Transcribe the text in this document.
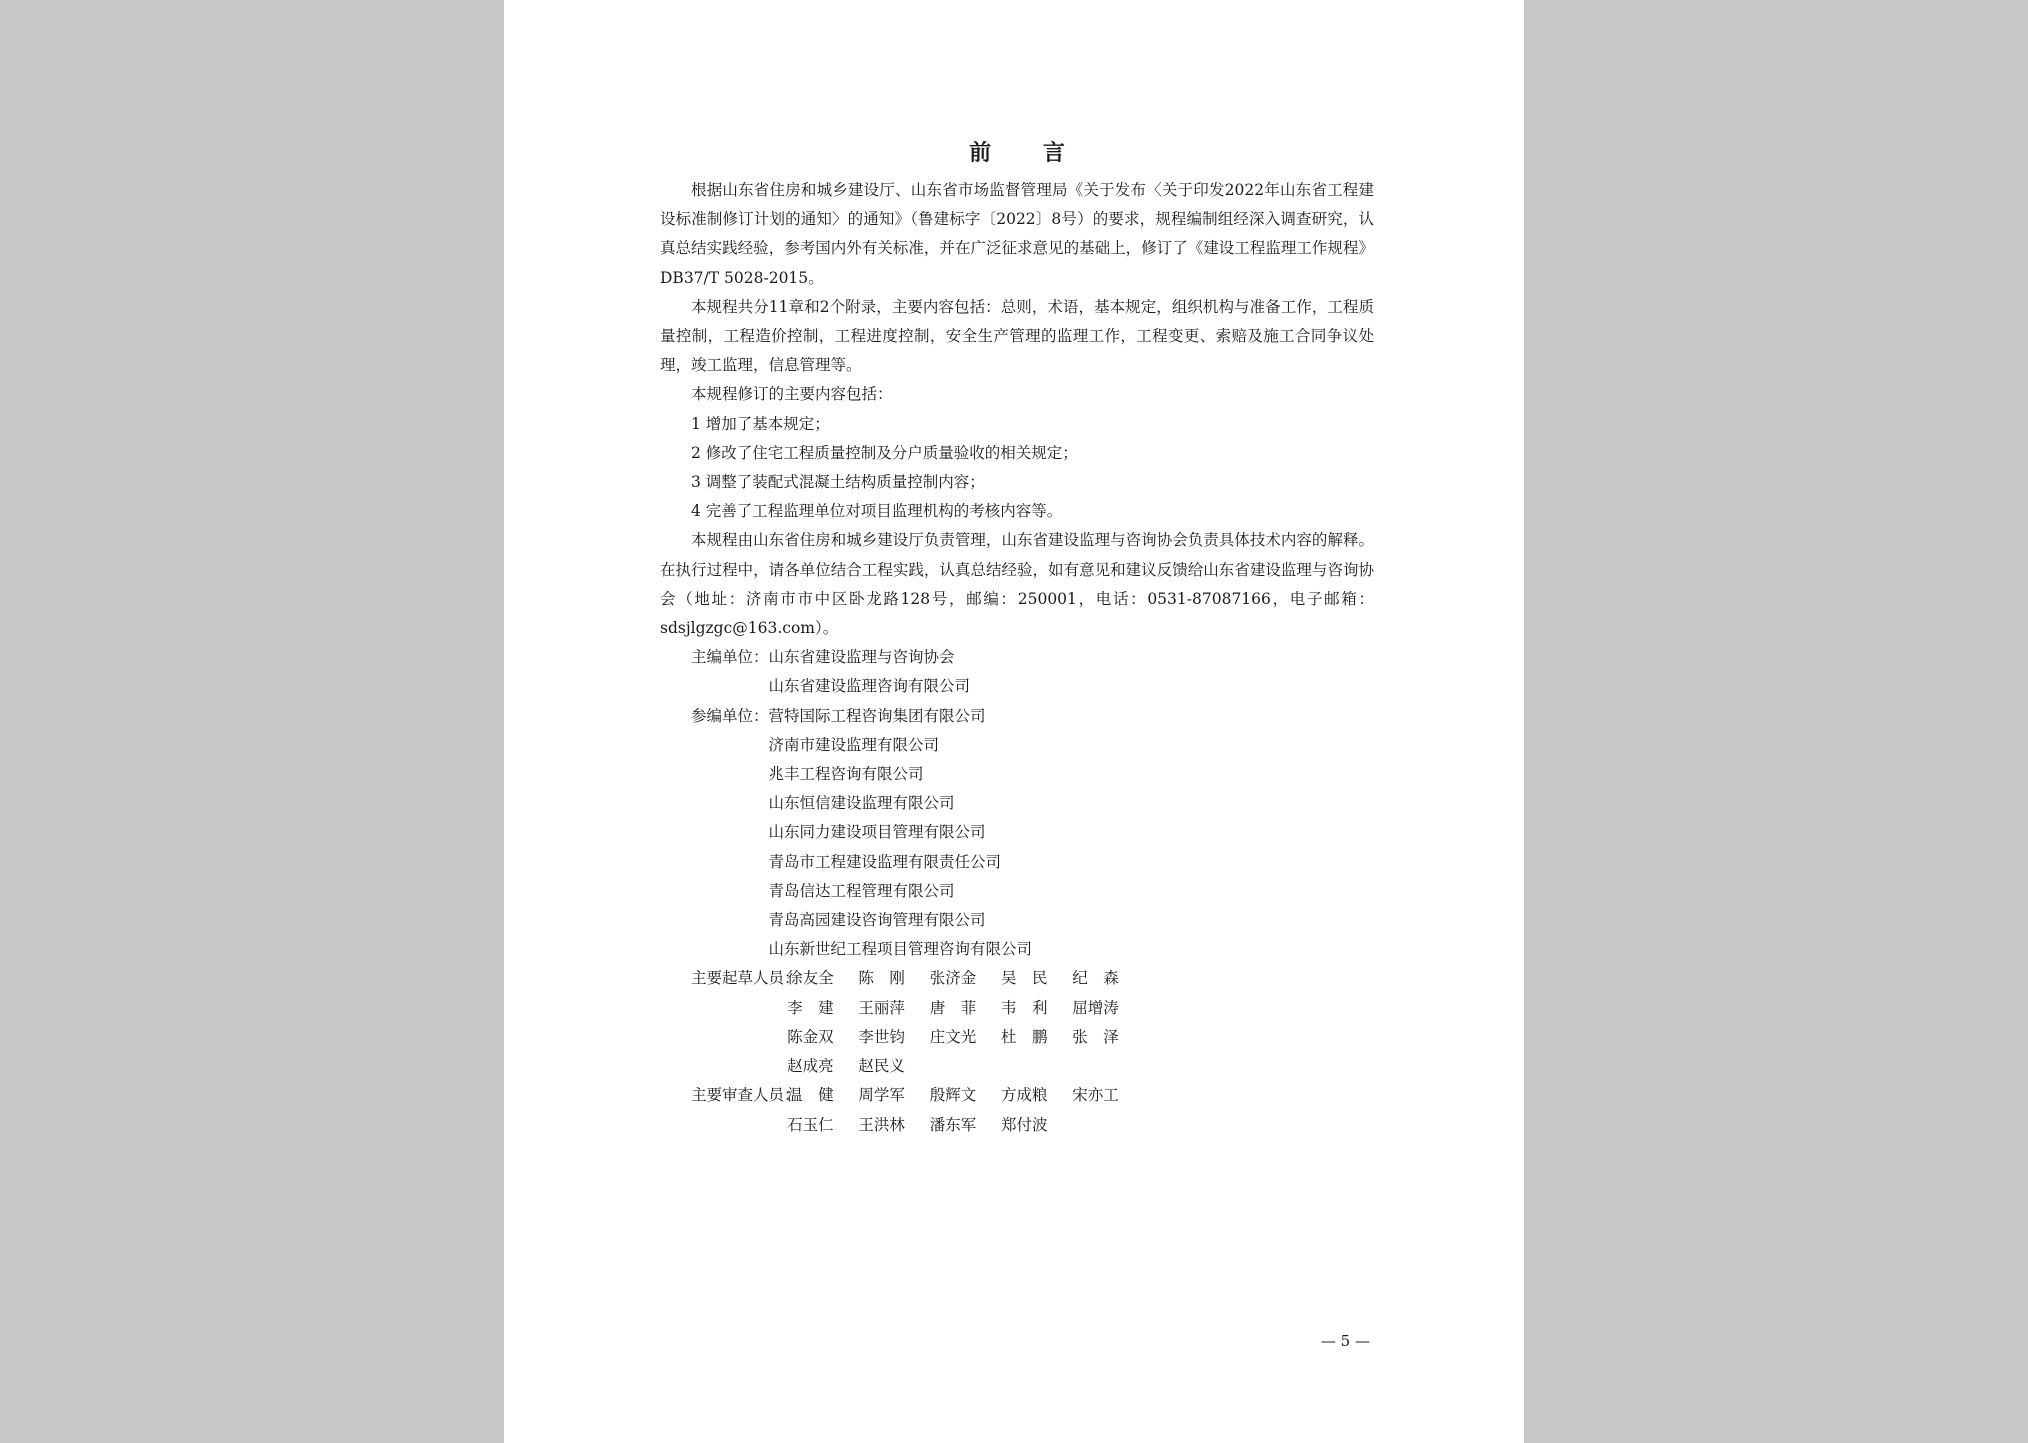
前 言

根据山东省住房和城乡建设厅、山东省市场监督管理局《关于发布〈关于印发2022年山东省工程建设标准制修订计划的通知〉的通知》（鲁建标字〔2022〕8号）的要求，规程编制组经深入调查研究，认真总结实践经验，参考国内外有关标准，并在广泛征求意见的基础上，修订了《建设工程监理工作规程》DB37/T 5028-2015。

本规程共分11章和2个附录，主要内容包括：总则，术语，基本规定，组织机构与准备工作，工程质量控制，工程造价控制，工程进度控制，安全生产管理的监理工作，工程变更、索赔及施工合同争议处理，竣工监理，信息管理等。

本规程修订的主要内容包括：

1 增加了基本规定；

2 修改了住宅工程质量控制及分户质量验收的相关规定；

3 调整了装配式混凝土结构质量控制内容；

4 完善了工程监理单位对项目监理机构的考核内容等。

本规程由山东省住房和城乡建设厅负责管理，山东省建设监理与咨询协会负责具体技术内容的解释。在执行过程中，请各单位结合工程实践，认真总结经验，如有意见和建议反馈给山东省建设监理与咨询协会（地址：济南市市中区卧龙路128号，邮编：250001，电话：0531-87087166，电子邮箱：sdsjlgzgc@163.com）。

主编单位： 山东省建设监理与咨询协会
山东省建设监理咨询有限公司
参编单位： 营特国际工程咨询集团有限公司
济南市建设监理有限公司
兆丰工程咨询有限公司
山东恒信建设监理有限公司
山东同力建设项目管理有限公司
青岛市工程建设监理有限责任公司
青岛信达工程管理有限公司
青岛高园建设咨询管理有限公司
山东新世纪工程项目管理咨询有限公司
主要起草人员：
徐友全	陈　刚	张济金	吴　民	纪　森
李　建	王丽萍	唐　菲	韦　利	屈增涛
陈金双	李世钧	庄文光	杜　鹏	张　泽
赵成亮	赵民义
主要审查人员：
温　健	周学军	殷辉文	方成粮	宋亦工
石玉仁	王洪林	潘东军	郑付波
— 5 —
